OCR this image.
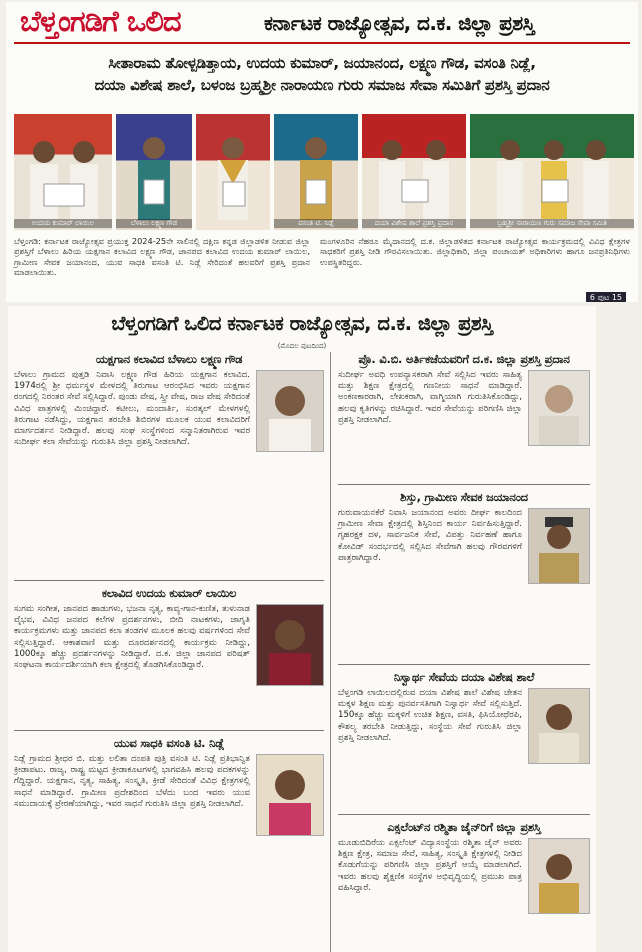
ಬೆಳ್ತಂಗಡಿಗೆ ಒಲಿದ	ಕರ್ನಾಟಕ ರಾಜ್ಯೋತ್ಸವ, ದ.ಕ. ಜಿಲ್ಲಾ ಪ್ರಶಸ್ತಿ
ಸೀತಾರಾಮ ತೋಳ್ಪಡಿತ್ತಾಯ, ಉದಯ ಕುಮಾರ್, ಜಯಾನಂದ, ಲಕ್ಷ್ಮಣ ಗೌಡ, ವಸಂತಿ ನಿಡ್ಲೆ,
ದಯಾ ವಿಶೇಷ ಶಾಲೆ, ಬಳಂಜ ಬ್ರಹ್ಮಶ್ರೀ ನಾರಾಯಣ ಗುರು ಸಮಾಜ ಸೇವಾ ಸಮಿತಿಗೆ ಪ್ರಶಸ್ತಿ ಪ್ರದಾನ
ಉದಯ ಕುಮಾರ್ ಲಾಯಿಲ	ಬೆಳಾಲು ಲಕ್ಷ್ಮಣ ಗೌಡ	ವಸಂತಿ ಟಿ. ನಿಡ್ಲೆ	ದಯಾ ವಿಶೇಷ ಶಾಲೆ ಪ್ರಶಸ್ತಿ ಪ್ರದಾನ	ಬ್ರಹ್ಮಶ್ರೀ ನಾರಾಯಣ ಗುರು ಸಮಾಜ ಸೇವಾ ಸಮಿತಿ
ಬೆಳ್ತಂಗಡಿ: ಕರ್ನಾಟಕ ರಾಜ್ಯೋತ್ಸವ ಪ್ರಯುಕ್ತ 2024-25ನೇ ಸಾಲಿನಲ್ಲಿ ದಕ್ಷಿಣ ಕನ್ನಡ ಜಿಲ್ಲಾಡಳಿತ ನೀಡುವ ಜಿಲ್ಲಾ ಪ್ರಶಸ್ತಿಗೆ ಬೆಳಾಲು ಹಿರಿಯ ಯಕ್ಷಗಾನ ಕಲಾವಿದ ಲಕ್ಷ್ಮಣ ಗೌಡ, ಜಾನಪದ ಕಲಾವಿದ ಉದಯ ಕುಮಾರ್ ಲಾಯಿಲ, ಗ್ರಾಮೀಣ ಸೇವಕ ಜಯಾನಂದ, ಯುವ ಸಾಧಕಿ ವಸಂತಿ ಟಿ. ನಿಡ್ಲೆ ಸೇರಿದಂತೆ ಹಲವರಿಗೆ ಪ್ರಶಸ್ತಿ ಪ್ರದಾನ ಮಾಡಲಾಯಿತು.
ಮಂಗಳೂರಿನ ನೆಹರೂ ಮೈದಾನದಲ್ಲಿ ದ.ಕ. ಜಿಲ್ಲಾಡಳಿತದ ಕರ್ನಾಟಕ ರಾಜ್ಯೋತ್ಸವ ಕಾರ್ಯಕ್ರಮದಲ್ಲಿ ವಿವಿಧ ಕ್ಷೇತ್ರಗಳ ಸಾಧಕರಿಗೆ ಪ್ರಶಸ್ತಿ ನೀಡಿ ಗೌರವಿಸಲಾಯಿತು. ಜಿಲ್ಲಾಧಿಕಾರಿ, ಜಿಲ್ಲಾ ಪಂಚಾಯತ್ ಅಧಿಕಾರಿಗಳು ಹಾಗೂ ಜನಪ್ರತಿನಿಧಿಗಳು ಉಪಸ್ಥಿತರಿದ್ದರು.
6 ಪುಟ 15
ಬೆಳ್ತಂಗಡಿಗೆ ಒಲಿದ ಕರ್ನಾಟಕ ರಾಜ್ಯೋತ್ಸವ, ದ.ಕ. ಜಿಲ್ಲಾ ಪ್ರಶಸ್ತಿ
(ಮೊದಲ ಪುಟದಿಂದ)
ಯಕ್ಷಗಾನ ಕಲಾವಿದ ಬೆಳಾಲು ಲಕ್ಷ್ಮಣ ಗೌಡ
ಬೆಳಾಲು ಗ್ರಾಮದ ಪುತ್ತಡಿ ನಿವಾಸಿ ಲಕ್ಷ್ಮಣ ಗೌಡ ಹಿರಿಯ ಯಕ್ಷಗಾನ ಕಲಾವಿದ. 1974ರಲ್ಲಿ ಶ್ರೀ ಧರ್ಮಸ್ಥಳ ಮೇಳದಲ್ಲಿ ತಿರುಗಾಟ ಆರಂಭಿಸಿದ ಇವರು ಯಕ್ಷಗಾನ ರಂಗದಲ್ಲಿ ನಿರಂತರ ಸೇವೆ ಸಲ್ಲಿಸಿದ್ದಾರೆ. ಪುಂಡು ವೇಷ, ಸ್ತ್ರೀ ವೇಷ, ರಾಜ ವೇಷ ಸೇರಿದಂತೆ ವಿವಿಧ ಪಾತ್ರಗಳಲ್ಲಿ ಮಿಂಚಿದ್ದಾರೆ. ಕಟೀಲು, ಮಂದಾರ್ತಿ, ಸುರತ್ಕಲ್ ಮೇಳಗಳಲ್ಲಿ ತಿರುಗಾಟ ನಡೆಸಿದ್ದು, ಯಕ್ಷಗಾನ ತರಬೇತಿ ಶಿಬಿರಗಳ ಮೂಲಕ ಯುವ ಕಲಾವಿದರಿಗೆ ಮಾರ್ಗದರ್ಶನ ನೀಡಿದ್ದಾರೆ. ಹಲವು ಸಂಘ ಸಂಸ್ಥೆಗಳಿಂದ ಸನ್ಮಾನಿತರಾಗಿರುವ ಇವರ ಸುದೀರ್ಘ ಕಲಾ ಸೇವೆಯನ್ನು ಗುರುತಿಸಿ ಜಿಲ್ಲಾ ಪ್ರಶಸ್ತಿ ನೀಡಲಾಗಿದೆ.
ಕಲಾವಿದ ಉದಯ ಕುಮಾರ್ ಲಾಯಿಲ
ಸುಗಮ ಸಂಗೀತ, ಜಾನಪದ ಹಾಡುಗಳು, ಭಜನಾ ನೃತ್ಯ, ಕಾವ್ಯ-ಗಾನ-ಕುಣಿತ, ತುಳುನಾಡ ವೈಭವ, ವಿವಿಧ ಜನಪದ ಕಲೆಗಳ ಪ್ರದರ್ಶನಗಳು, ಬೀದಿ ನಾಟಕಗಳು, ಜಾಗೃತಿ ಕಾರ್ಯಕ್ರಮಗಳು ಮತ್ತು ಜಾನಪದ ಕಲಾ ತಂಡಗಳ ಮೂಲಕ ಹಲವು ವರ್ಷಗಳಿಂದ ಸೇವೆ ಸಲ್ಲಿಸುತ್ತಿದ್ದಾರೆ. ಆಕಾಶವಾಣಿ ಮತ್ತು ದೂರದರ್ಶನದಲ್ಲಿ ಕಾರ್ಯಕ್ರಮ ನೀಡಿದ್ದು, 1000ಕ್ಕೂ ಹೆಚ್ಚು ಪ್ರದರ್ಶನಗಳನ್ನು ನೀಡಿದ್ದಾರೆ. ದ.ಕ. ಜಿಲ್ಲಾ ಜಾನಪದ ಪರಿಷತ್ ಸಂಘಟನಾ ಕಾರ್ಯದರ್ಶಿಯಾಗಿ ಕಲಾ ಕ್ಷೇತ್ರದಲ್ಲಿ ತೊಡಗಿಸಿಕೊಂಡಿದ್ದಾರೆ.
ಯುವ ಸಾಧಕಿ ವಸಂತಿ ಟಿ. ನಿಡ್ಲೆ
ನಿಡ್ಲೆ ಗ್ರಾಮದ ಶ್ರೀಧರ ಬಿ. ಮತ್ತು ಲಲಿತಾ ದಂಪತಿ ಪುತ್ರಿ ವಸಂತಿ ಟಿ. ನಿಡ್ಲೆ ಪ್ರತಿಭಾನ್ವಿತ ಕ್ರೀಡಾಪಟು. ರಾಜ್ಯ, ರಾಷ್ಟ್ರ ಮಟ್ಟದ ಕ್ರೀಡಾಕೂಟಗಳಲ್ಲಿ ಭಾಗವಹಿಸಿ ಹಲವು ಪದಕಗಳನ್ನು ಗೆದ್ದಿದ್ದಾರೆ. ಯಕ್ಷಗಾನ, ನೃತ್ಯ, ಸಾಹಿತ್ಯ, ಸಂಸ್ಕೃತಿ, ಕ್ರೀಡೆ ಸೇರಿದಂತೆ ವಿವಿಧ ಕ್ಷೇತ್ರಗಳಲ್ಲಿ ಸಾಧನೆ ಮಾಡಿದ್ದಾರೆ. ಗ್ರಾಮೀಣ ಪ್ರದೇಶದಿಂದ ಬೆಳೆದು ಬಂದ ಇವರು ಯುವ ಸಮುದಾಯಕ್ಕೆ ಪ್ರೇರಣೆಯಾಗಿದ್ದು, ಇವರ ಸಾಧನೆ ಗುರುತಿಸಿ ಜಿಲ್ಲಾ ಪ್ರಶಸ್ತಿ ನೀಡಲಾಗಿದೆ.
ಪ್ರೊ. ವಿ.ಬಿ. ಅರ್ತಿಕಜೆಯವರಿಗೆ ದ.ಕ. ಜಿಲ್ಲಾ ಪ್ರಶಸ್ತಿ ಪ್ರದಾನ
ಸುದೀರ್ಘ ಅವಧಿ ಉಪನ್ಯಾಸಕರಾಗಿ ಸೇವೆ ಸಲ್ಲಿಸಿದ ಇವರು ಸಾಹಿತ್ಯ ಮತ್ತು ಶಿಕ್ಷಣ ಕ್ಷೇತ್ರದಲ್ಲಿ ಗಣನೀಯ ಸಾಧನೆ ಮಾಡಿದ್ದಾರೆ. ಅಂಕಣಕಾರರಾಗಿ, ಲೇಖಕರಾಗಿ, ವಾಗ್ಮಿಯಾಗಿ ಗುರುತಿಸಿಕೊಂಡಿದ್ದು, ಹಲವು ಕೃತಿಗಳನ್ನು ರಚಿಸಿದ್ದಾರೆ. ಇವರ ಸೇವೆಯನ್ನು ಪರಿಗಣಿಸಿ ಜಿಲ್ಲಾ ಪ್ರಶಸ್ತಿ ನೀಡಲಾಗಿದೆ.
ಶಿಸ್ತು, ಗ್ರಾಮೀಣ ಸೇವಕ ಜಯಾನಂದ
ಗುರುವಾಯನಕೆರೆ ನಿವಾಸಿ ಜಯಾನಂದ ಅವರು ದೀರ್ಘ ಕಾಲದಿಂದ ಗ್ರಾಮೀಣ ಸೇವಾ ಕ್ಷೇತ್ರದಲ್ಲಿ ಶಿಸ್ತಿನಿಂದ ಕಾರ್ಯ ನಿರ್ವಹಿಸುತ್ತಿದ್ದಾರೆ. ಗೃಹರಕ್ಷಕ ದಳ, ಸಾರ್ವಜನಿಕ ಸೇವೆ, ವಿಪತ್ತು ನಿರ್ವಹಣೆ ಹಾಗೂ ಕೋವಿಡ್ ಸಂದರ್ಭದಲ್ಲಿ ಸಲ್ಲಿಸಿದ ಸೇವೆಗಾಗಿ ಹಲವು ಗೌರವಗಳಿಗೆ ಪಾತ್ರರಾಗಿದ್ದಾರೆ.
ನಿಸ್ವಾರ್ಥ ಸೇವೆಯ ದಯಾ ವಿಶೇಷ ಶಾಲೆ
ಬೆಳ್ತಂಗಡಿ ಲಾಯಿಲದಲ್ಲಿರುವ ದಯಾ ವಿಶೇಷ ಶಾಲೆ ವಿಶೇಷ ಚೇತನ ಮಕ್ಕಳ ಶಿಕ್ಷಣ ಮತ್ತು ಪುನರ್ವಸತಿಗಾಗಿ ನಿಸ್ವಾರ್ಥ ಸೇವೆ ಸಲ್ಲಿಸುತ್ತಿದೆ. 150ಕ್ಕೂ ಹೆಚ್ಚು ಮಕ್ಕಳಿಗೆ ಉಚಿತ ಶಿಕ್ಷಣ, ವಸತಿ, ಫಿಸಿಯೋಥೆರಪಿ, ಕೌಶಲ್ಯ ತರಬೇತಿ ನೀಡುತ್ತಿದ್ದು, ಸಂಸ್ಥೆಯ ಸೇವೆ ಗುರುತಿಸಿ ಜಿಲ್ಲಾ ಪ್ರಶಸ್ತಿ ನೀಡಲಾಗಿದೆ.
ಎಕ್ಸಲೆಂಟ್‌ನ ರಶ್ಮಿತಾ ಜೈನ್‌ರಿಗೆ ಜಿಲ್ಲಾ ಪ್ರಶಸ್ತಿ
ಮೂಡುಬಿದಿರೆಯ ಎಕ್ಸಲೆಂಟ್ ವಿದ್ಯಾಸಂಸ್ಥೆಯ ರಶ್ಮಿತಾ ಜೈನ್ ಅವರು ಶಿಕ್ಷಣ ಕ್ಷೇತ್ರ, ಸಮಾಜ ಸೇವೆ, ಸಾಹಿತ್ಯ, ಸಂಸ್ಕೃತಿ ಕ್ಷೇತ್ರಗಳಲ್ಲಿ ನೀಡಿದ ಕೊಡುಗೆಯನ್ನು ಪರಿಗಣಿಸಿ ಜಿಲ್ಲಾ ಪ್ರಶಸ್ತಿಗೆ ಆಯ್ಕೆ ಮಾಡಲಾಗಿದೆ. ಇವರು ಹಲವು ಶೈಕ್ಷಣಿಕ ಸಂಸ್ಥೆಗಳ ಅಭಿವೃದ್ಧಿಯಲ್ಲಿ ಪ್ರಮುಖ ಪಾತ್ರ ವಹಿಸಿದ್ದಾರೆ.
